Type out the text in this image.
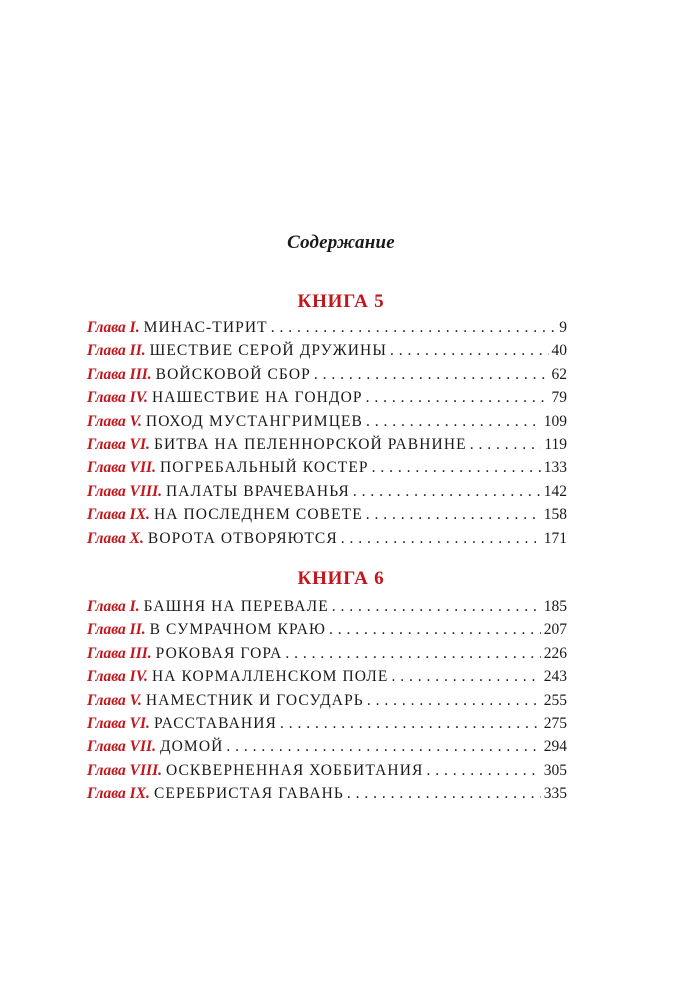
Содержание
КНИГА 5
Глава I. МИНАС-ТИРИТ . . .	9
Глава II. ШЕСТВИЕ СЕРОЙ ДРУЖИНЫ . . .	40
Глава III. ВОЙСКОВОЙ СБОР . . .	62
Глава IV. НАШЕСТВИЕ НА ГОНДОР . . .	79
Глава V. ПОХОД МУСТАНГРИМЦЕВ . . .	109
Глава VI. БИТВА НА ПЕЛЕННОРСКОЙ РАВНИНЕ . . .	119
Глава VII. ПОГРЕБАЛЬНЫЙ КОСТЕР . . .	133
Глава VIII. ПАЛАТЫ ВРАЧЕВАНЬЯ . . .	142
Глава IX. НА ПОСЛЕДНЕМ СОВЕТЕ . . .	158
Глава X. ВОРОТА ОТВОРЯЮТСЯ . . .	171
КНИГА 6
Глава I. БАШНЯ НА ПЕРЕВАЛЕ . . .	185
Глава II. В СУМРАЧНОМ КРАЮ . . .	207
Глава III. РОКОВАЯ ГОРА . . .	226
Глава IV. НА КОРМАЛЛЕНСКОМ ПОЛЕ . . .	243
Глава V. НАМЕСТНИК И ГОСУДАРЬ . . .	255
Глава VI. РАССТАВАНИЯ . . .	275
Глава VII. ДОМОЙ . . .	294
Глава VIII. ОСКВЕРНЕННАЯ ХОББИТАНИЯ . . .	305
Глава IX. СЕРЕБРИСТАЯ ГАВАНЬ . . .	335
